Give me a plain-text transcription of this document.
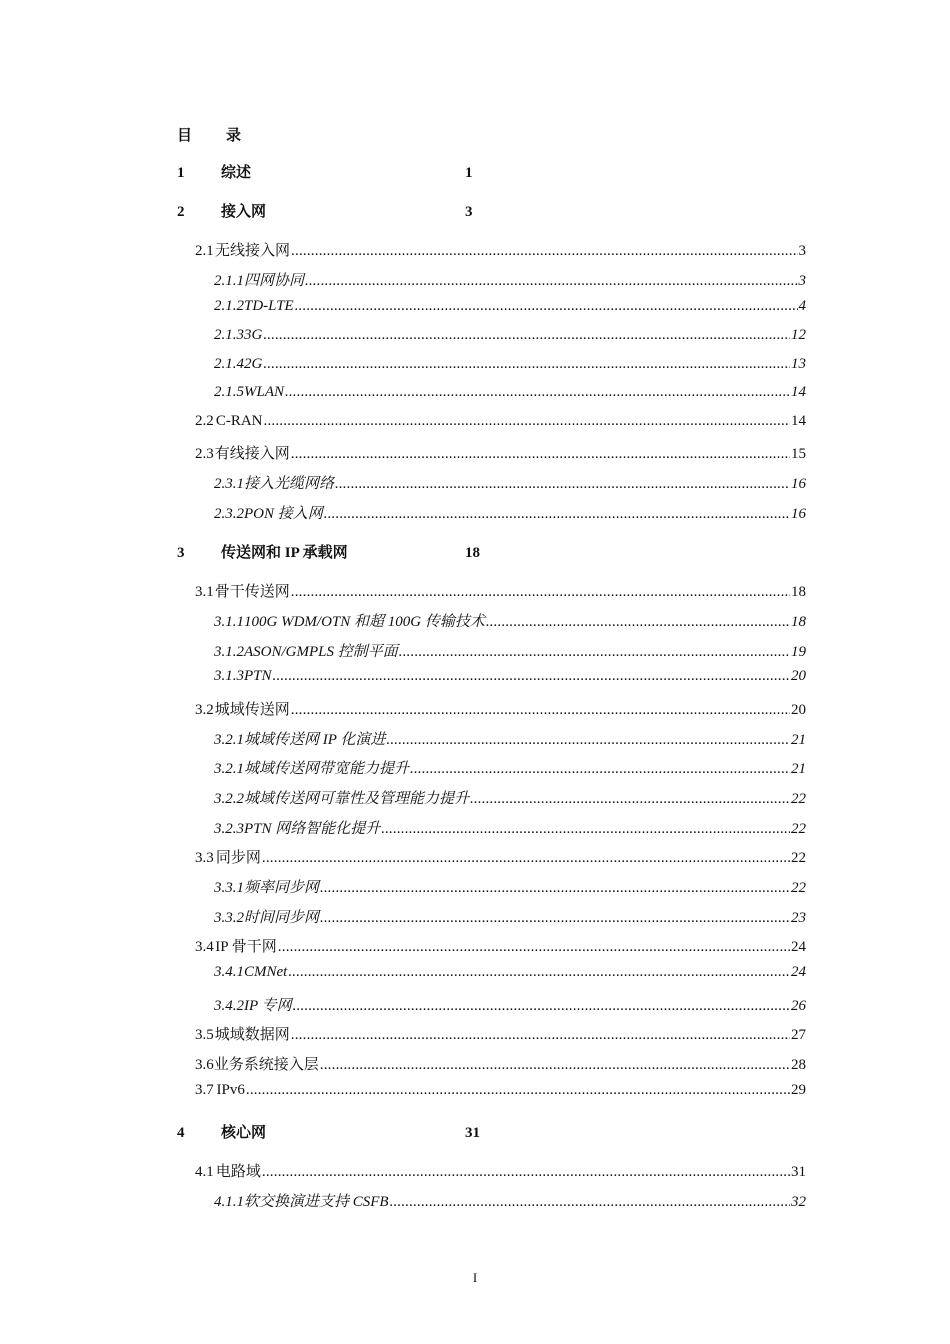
目 录
1	综述	1
2	接入网	3
2.1 无线接入网 .....	3
2.1.1 四网协同 .....	3
2.1.2 TD-LTE .....	4
2.1.3 3G .....	12
2.1.4 2G .....	13
2.1.5 WLAN .....	14
2.2 C-RAN .....	14
2.3 有线接入网 .....	15
2.3.1 接入光缆网络 .....	16
2.3.2 PON 接入网 .....	16
3	传送网和 IP 承载网	18
3.1 骨干传送网 .....	18
3.1.1 100G WDM/OTN 和超 100G 传输技术 .....	18
3.1.2 ASON/GMPLS 控制平面 .....	19
3.1.3 PTN .....	20
3.2 城域传送网 .....	20
3.2.1 城域传送网 IP 化演进 .....	21
3.2.1 城域传送网带宽能力提升 .....	21
3.2.2 城域传送网可靠性及管理能力提升 .....	22
3.2.3 PTN 网络智能化提升 .....	22
3.3 同步网 .....	22
3.3.1 频率同步网 .....	22
3.3.2 时间同步网 .....	23
3.4 IP 骨干网 .....	24
3.4.1 CMNet .....	24
3.4.2 IP 专网 .....	26
3.5 城域数据网 .....	27
3.6 业务系统接入层 .....	28
3.7 IPv6 .....	29
4	核心网	31
4.1 电路域 .....	31
4.1.1 软交换演进支持 CSFB .....	32
I
